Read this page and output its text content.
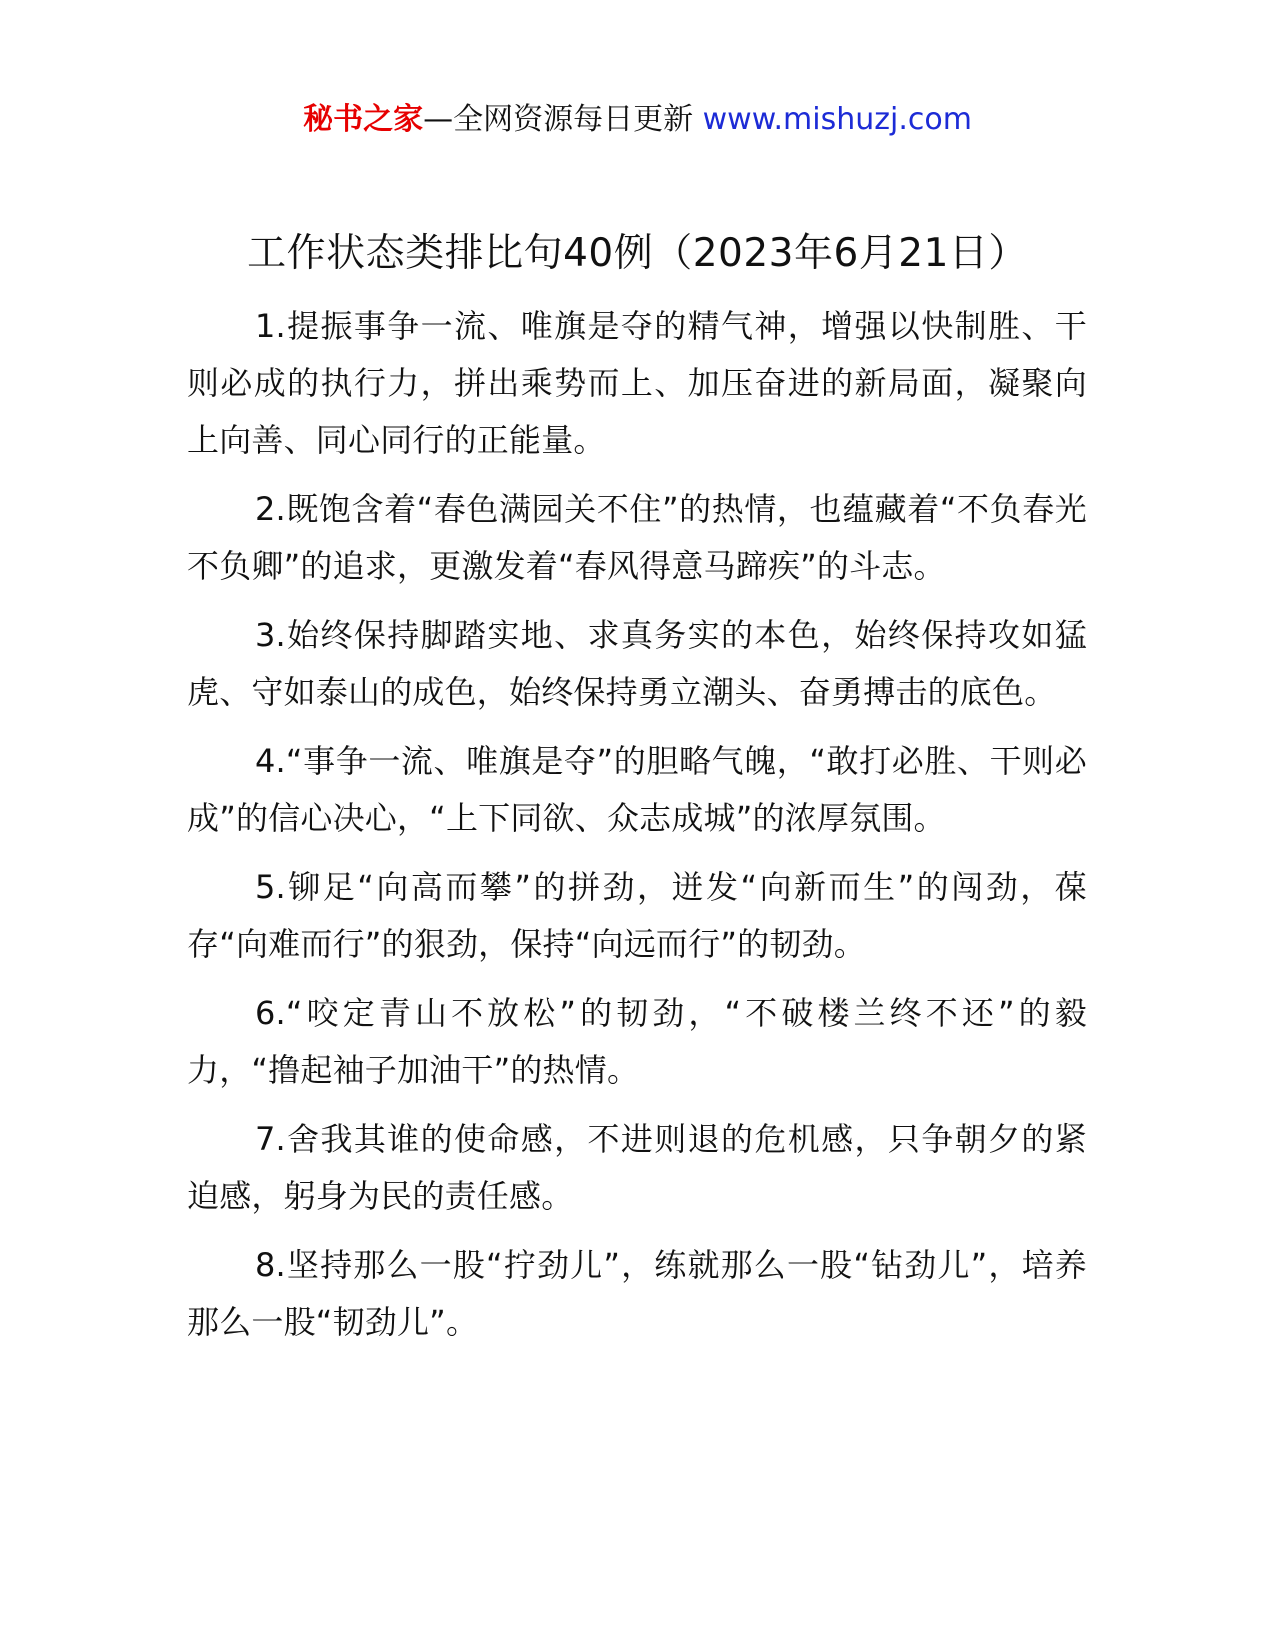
秘书之家—全网资源每日更新 www.mishuzj.com
工作状态类排比句40例（2023年6月21日）

1.提振事争一流、唯旗是夺的精气神，增强以快制胜、干则必成的执行力，拼出乘势而上、加压奋进的新局面，凝聚向上向善、同心同行的正能量。

2.既饱含着“春色满园关不住”的热情，也蕴藏着“不负春光不负卿”的追求，更激发着“春风得意马蹄疾”的斗志。

3.始终保持脚踏实地、求真务实的本色，始终保持攻如猛虎、守如泰山的成色，始终保持勇立潮头、奋勇搏击的底色。

4.“事争一流、唯旗是夺”的胆略气魄，“敢打必胜、干则必成”的信心决心，“上下同欲、众志成城”的浓厚氛围。

5.铆足“向高而攀”的拼劲，迸发“向新而生”的闯劲，葆存“向难而行”的狠劲，保持“向远而行”的韧劲。

6.“咬定青山不放松”的韧劲，“不破楼兰终不还”的毅力，“撸起袖子加油干”的热情。

7.舍我其谁的使命感，不进则退的危机感，只争朝夕的紧迫感，躬身为民的责任感。

8.坚持那么一股“拧劲儿”，练就那么一股“钻劲儿”，培养那么一股“韧劲儿”。
